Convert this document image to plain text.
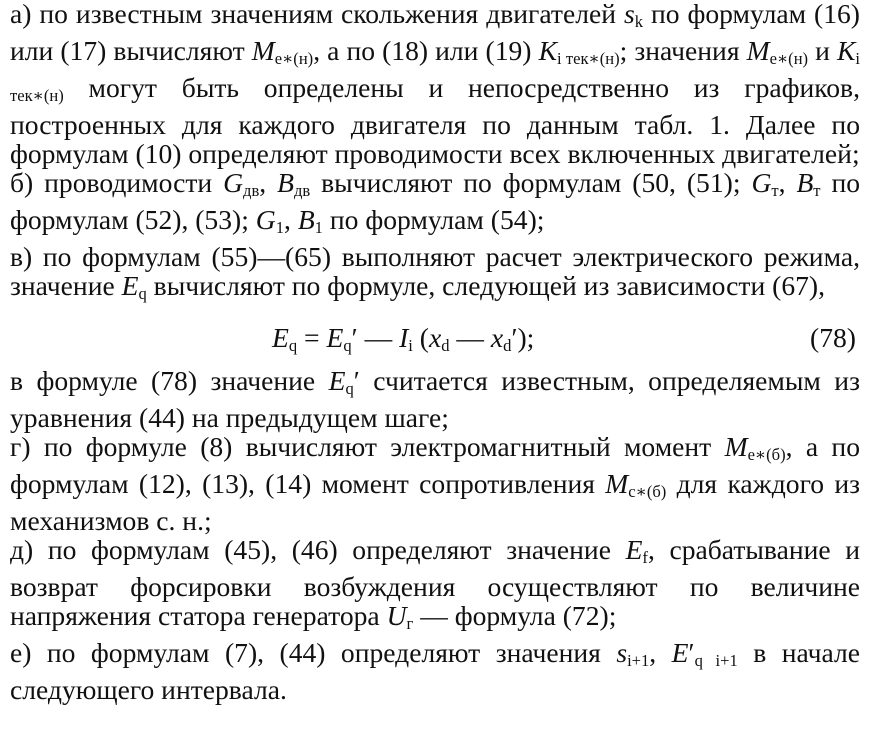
а) по известным значениям скольжения двигателей $s_k$ по формулам (16) или (17) вычисляют $M_{e∗(н)}$, а по (18) или (19) $K_{i тек∗(н)}$; значения $M_{e∗(н)}$ и $K_{i тек∗(н)}$ могут быть определены и непосредственно из графиков, построенных для каждого двигателя по данным табл. 1. Далее по формулам (10) определяют проводимости всех включенных двигателей;

б) проводимости $G_{дв}$, $B_{дв}$ вычисляют по формулам (50, (51); $G_т$, $B_т$ по формулам (52), (53); $G_1$, $B_1$ по формулам (54);

в) по формулам (55)—(65) выполняют расчет электрического режима, значение $E_q$ вычисляют по формуле, следующей из зависимости (67),

$E_q = E_q'$ — $I_i$ ($x_d$ — $x_d'$);	(78)

в формуле (78) значение $E_q'$ считается известным, определяемым из уравнения (44) на предыдущем шаге;

г) по формуле (8) вычисляют электромагнитный момент $M_{e∗(б)}$, а по формулам (12), (13), (14) момент сопротивления $M_{с∗(б)}$ для каждого из механизмов с. н.;

д) по формулам (45), (46) определяют значение $E_f$, срабатывание и возврат форсировки возбуждения осуществляют по величине напряжения статора генератора $U_г$ — формула (72);

е) по формулам (7), (44) определяют значения $s_{i+1}$, $E'_{q i+1}$ в начале следующего интервала.
